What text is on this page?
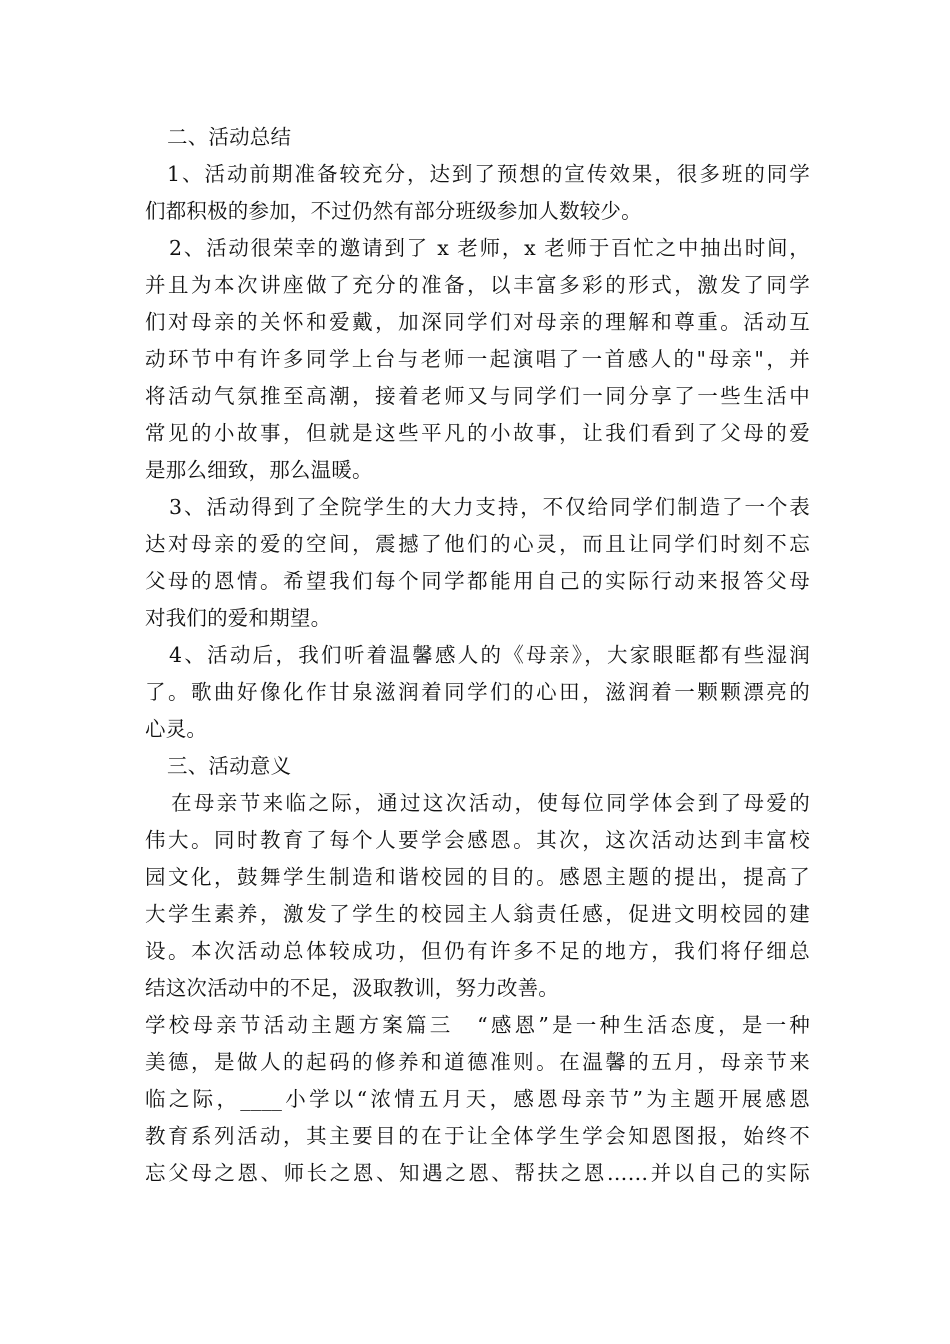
二、活动总结
1、活动前期准备较充分，达到了预想的宣传效果，很多班的同学
们都积极的参加，不过仍然有部分班级参加人数较少。
2、活动很荣幸的邀请到了 x 老师，x 老师于百忙之中抽出时间，
并且为本次讲座做了充分的准备，以丰富多彩的形式，激发了同学
们对母亲的关怀和爱戴，加深同学们对母亲的理解和尊重。活动互
动环节中有许多同学上台与老师一起演唱了一首感人的"母亲"，并
将活动气氛推至高潮，接着老师又与同学们一同分享了一些生活中
常见的小故事，但就是这些平凡的小故事，让我们看到了父母的爱
是那么细致，那么温暖。
3、活动得到了全院学生的大力支持，不仅给同学们制造了一个表
达对母亲的爱的空间，震撼了他们的心灵，而且让同学们时刻不忘
父母的恩情。希望我们每个同学都能用自己的实际行动来报答父母
对我们的爱和期望。
4、活动后，我们听着温馨感人的《母亲》，大家眼眶都有些湿润
了。歌曲好像化作甘泉滋润着同学们的心田，滋润着一颗颗漂亮的
心灵。
三、活动意义
在母亲节来临之际，通过这次活动，使每位同学体会到了母爱的
伟大。同时教育了每个人要学会感恩。其次，这次活动达到丰富校
园文化，鼓舞学生制造和谐校园的目的。感恩主题的提出，提高了
大学生素养，激发了学生的校园主人翁责任感，促进文明校园的建
设。本次活动总体较成功，但仍有许多不足的地方，我们将仔细总
结这次活动中的不足，汲取教训，努力改善。
学校母亲节活动主题方案篇三　“感恩”是一种生活态度，是一种
美德，是做人的起码的修养和道德准则。在温馨的五月，母亲节来
临之际，____小学以“浓情五月天，感恩母亲节”为主题开展感恩
教育系列活动，其主要目的在于让全体学生学会知恩图报，始终不
忘父母之恩、师长之恩、知遇之恩、帮扶之恩……并以自己的实际
